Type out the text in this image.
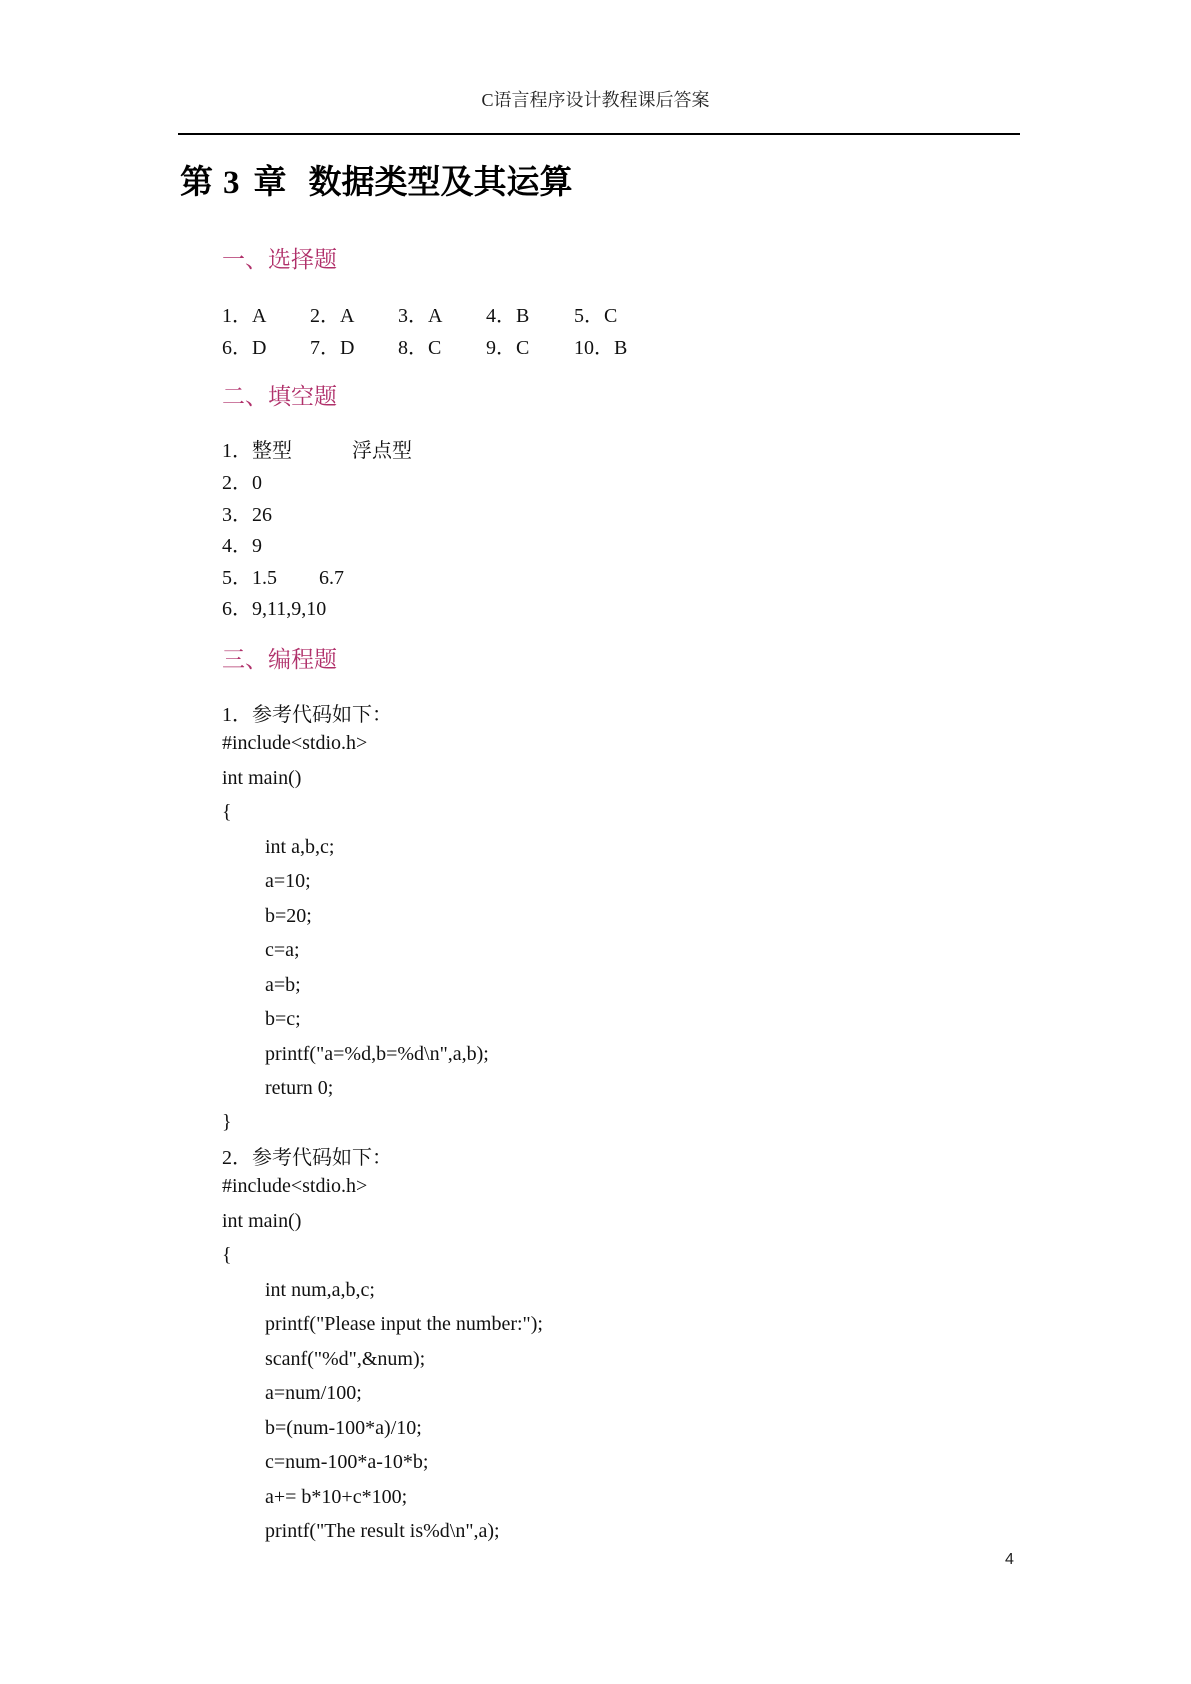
C语言程序设计教程课后答案
第 3 章 数据类型及其运算
一、选择题
1．A 2．A 3．A 4．B 5．C
6．D 7．D 8．C 9．C 10．B
二、填空题
1．整型	浮点型
2．0
3．26
4．9
5．1.5 6.7
6．9,11,9,10
三、编程题
1．参考代码如下：
#include<stdio.h>
int main()
{
int a,b,c;
a=10;
b=20;
c=a;
a=b;
b=c;
printf("a=%d,b=%d\n",a,b);
return 0;
}
2．参考代码如下：
#include<stdio.h>
int main()
{
int num,a,b,c;
printf("Please input the number:");
scanf("%d",&num);
a=num/100;
b=(num-100*a)/10;
c=num-100*a-10*b;
a+= b*10+c*100;
printf("The result is%d\n",a);
4
